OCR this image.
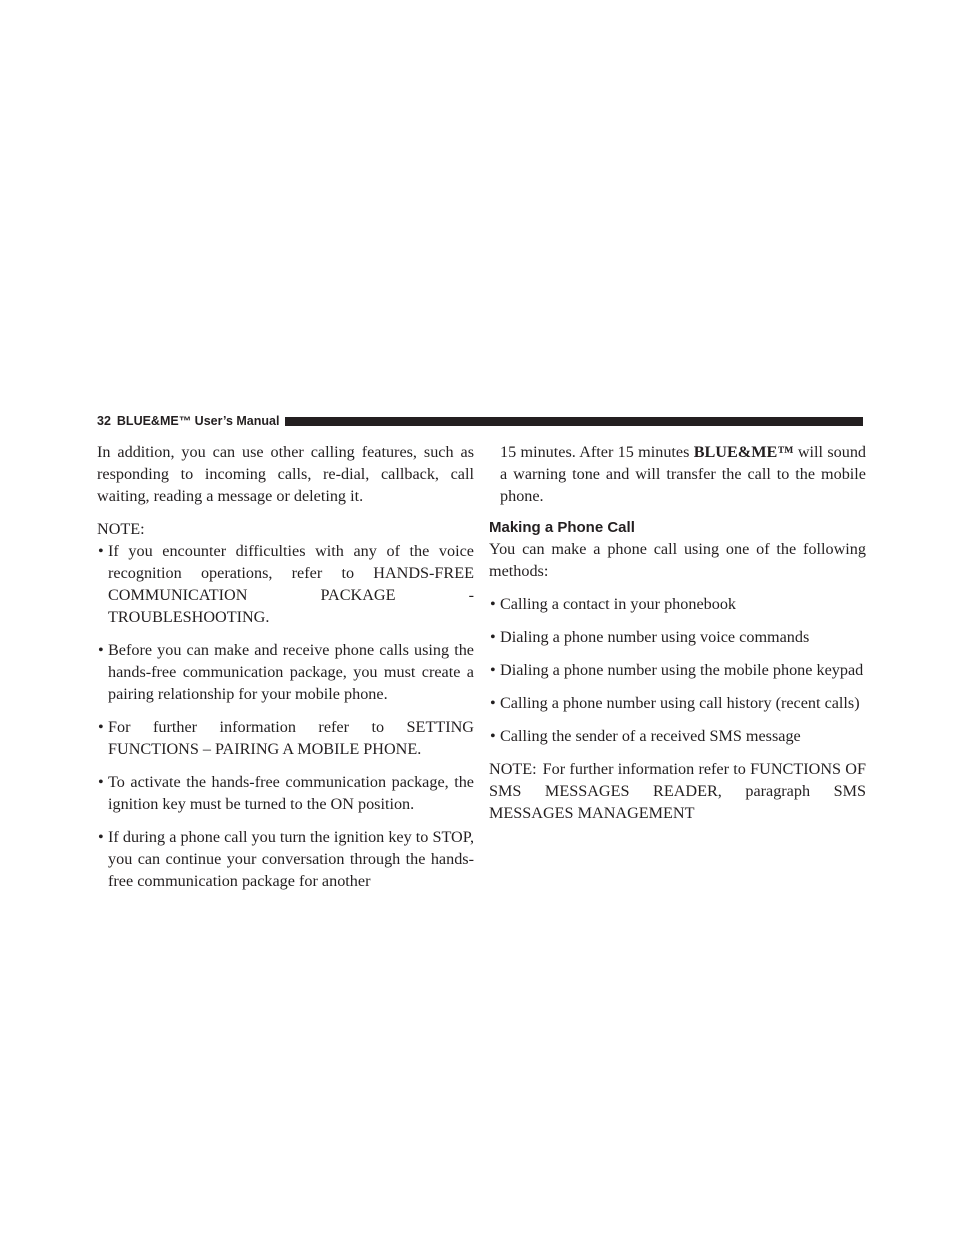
32 BLUE&ME™ User’s Manual

In addition, you can use other calling features, such as responding to incoming calls, re-dial, callback, call waiting, reading a message or deleting it.

NOTE:
• If you encounter difficulties with any of the voice recognition operations, refer to HANDS-FREE COMMUNICATION PACKAGE - TROUBLESHOOTING.
• Before you can make and receive phone calls using the hands-free communication package, you must create a pairing relationship for your mobile phone.
• For further information refer to SETTING FUNCTIONS – PAIRING A MOBILE PHONE.
• To activate the hands-free communication package, the ignition key must be turned to the ON position.
• If during a phone call you turn the ignition key to STOP, you can continue your conversation through the hands-free communication package for another

15 minutes. After 15 minutes BLUE&ME™ will sound a warning tone and will transfer the call to the mobile phone.

Making a Phone Call

You can make a phone call using one of the following methods:

• Calling a contact in your phonebook
• Dialing a phone number using voice commands
• Dialing a phone number using the mobile phone keypad
• Calling a phone number using call history (recent calls)
• Calling the sender of a received SMS message

NOTE: For further information refer to FUNCTIONS OF SMS MESSAGES READER, paragraph SMS MESSAGES MANAGEMENT
